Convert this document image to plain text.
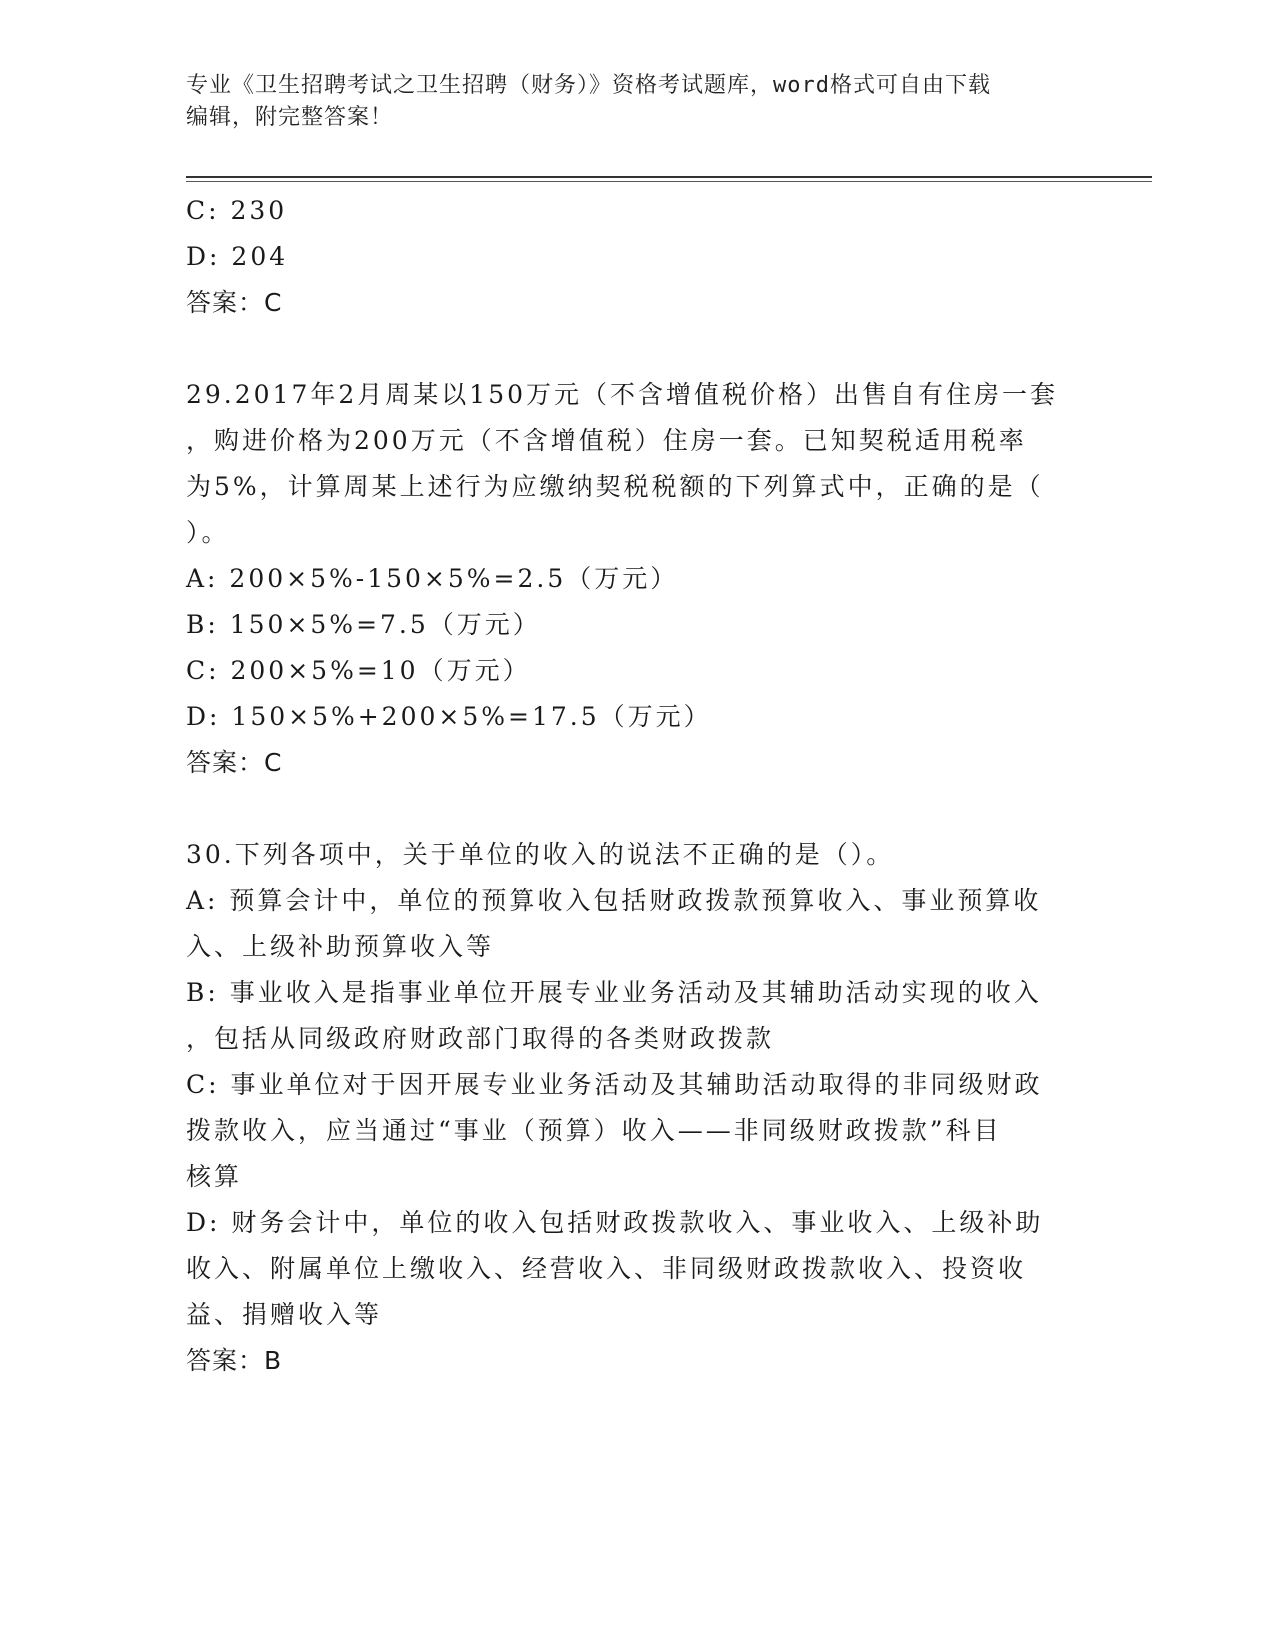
专业《卫生招聘考试之卫生招聘（财务）》资格考试题库，word格式可自由下载
编辑，附完整答案！
C: 230
D: 204
答案：C
29.2017年2月周某以150万元（不含增值税价格）出售自有住房一套
，购进价格为200万元（不含增值税）住房一套。已知契税适用税率
为5%，计算周某上述行为应缴纳契税税额的下列算式中，正确的是（
）。
A: 200×5%-150×5%=2.5（万元）
B: 150×5%=7.5（万元）
C: 200×5%=10（万元）
D: 150×5%+200×5%=17.5（万元）
答案：C
30.下列各项中，关于单位的收入的说法不正确的是（）。
A: 预算会计中，单位的预算收入包括财政拨款预算收入、事业预算收
入、上级补助预算收入等
B: 事业收入是指事业单位开展专业业务活动及其辅助活动实现的收入
，包括从同级政府财政部门取得的各类财政拨款
C: 事业单位对于因开展专业业务活动及其辅助活动取得的非同级财政
拨款收入，应当通过“事业（预算）收入——非同级财政拨款”科目
核算
D: 财务会计中，单位的收入包括财政拨款收入、事业收入、上级补助
收入、附属单位上缴收入、经营收入、非同级财政拨款收入、投资收
益、捐赠收入等
答案：B
